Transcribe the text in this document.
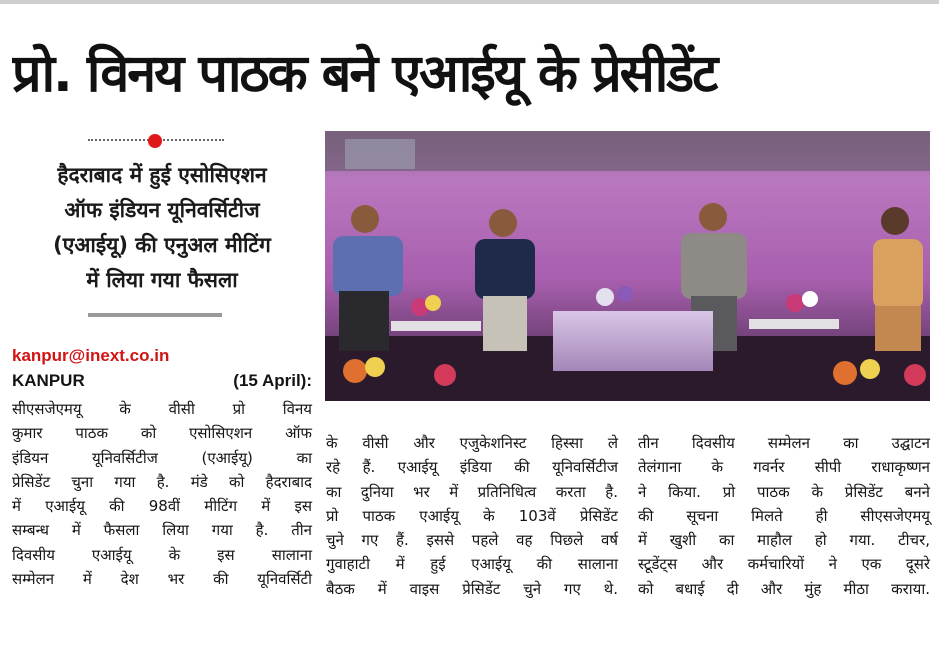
प्रो. विनय पाठक बने एआईयू के प्रेसीडेंट
हैदराबाद में हुई एसोसिएशन
ऑफ इंडियन यूनिवर्सिटीज
(एआईयू) की एनुअल मीटिंग
में लिया गया फैसला
kanpur@inext.co.in
KANPUR	(15 April):
सीएसजेएमयू के वीसी प्रो विनय
कुमार पाठक को एसोसिएशन ऑफ
इंडियन यूनिवर्सिटीज (एआईयू) का
प्रेसिडेंट चुना गया है. मंडे को हैदराबाद
में एआईयू की 98वीं मीटिंग में इस
सम्बन्ध में फैसला लिया गया है. तीन
दिवसीय एआईयू के इस सालाना
सम्मेलन में देश भर की यूनिवर्सिटी
के वीसी और एजुकेशनिस्ट हिस्सा ले
रहे हैं. एआईयू इंडिया की यूनिवर्सिटीज
का दुनिया भर में प्रतिनिधित्व करता है.
प्रो पाठक एआईयू के 103वें प्रेसिडेंट
चुने गए हैं. इससे पहले वह पिछले वर्ष
गुवाहाटी में हुई एआईयू की सालाना
बैठक में वाइस प्रेसिडेंट चुने गए थे.
तीन दिवसीय सम्मेलन का उद्घाटन
तेलंगाना के गवर्नर सीपी राधाकृष्णन
ने किया. प्रो पाठक के प्रेसिडेंट बनने
की सूचना मिलते ही सीएसजेएमयू
में खुशी का माहौल हो गया. टीचर,
स्टूडेंट्स और कर्मचारियों ने एक दूसरे
को बधाई दी और मुंह मीठा कराया.
